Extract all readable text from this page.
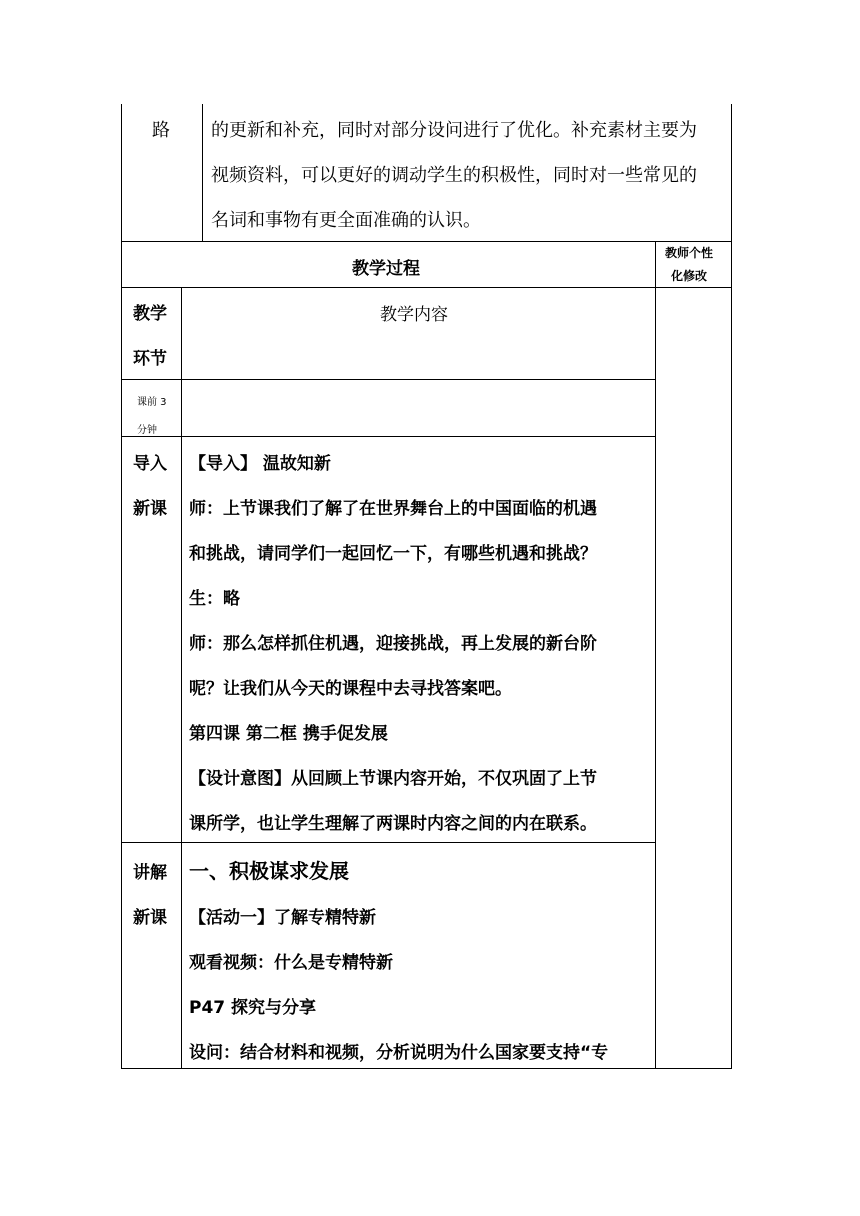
路 的更新和补充，同时对部分设问进行了优化。补充素材主要为
视频资料，可以更好的调动学生的积极性，同时对一些常见的
名词和事物有更全面准确的认识。
教学过程
教师个性
化修改
教学
环节
教学内容
课前 3
分钟
导入
新课
【导入】 温故知新
师：上节课我们了解了在世界舞台上的中国面临的机遇
和挑战，请同学们一起回忆一下，有哪些机遇和挑战？
生：略
师：那么怎样抓住机遇，迎接挑战，再上发展的新台阶
呢？让我们从今天的课程中去寻找答案吧。
第四课 第二框 携手促发展
【设计意图】从回顾上节课内容开始，不仅巩固了上节
课所学，也让学生理解了两课时内容之间的内在联系。
讲解
新课
一、积极谋求发展
【活动一】了解专精特新
观看视频：什么是专精特新
P47 探究与分享
设问：结合材料和视频，分析说明为什么国家要支持“专
